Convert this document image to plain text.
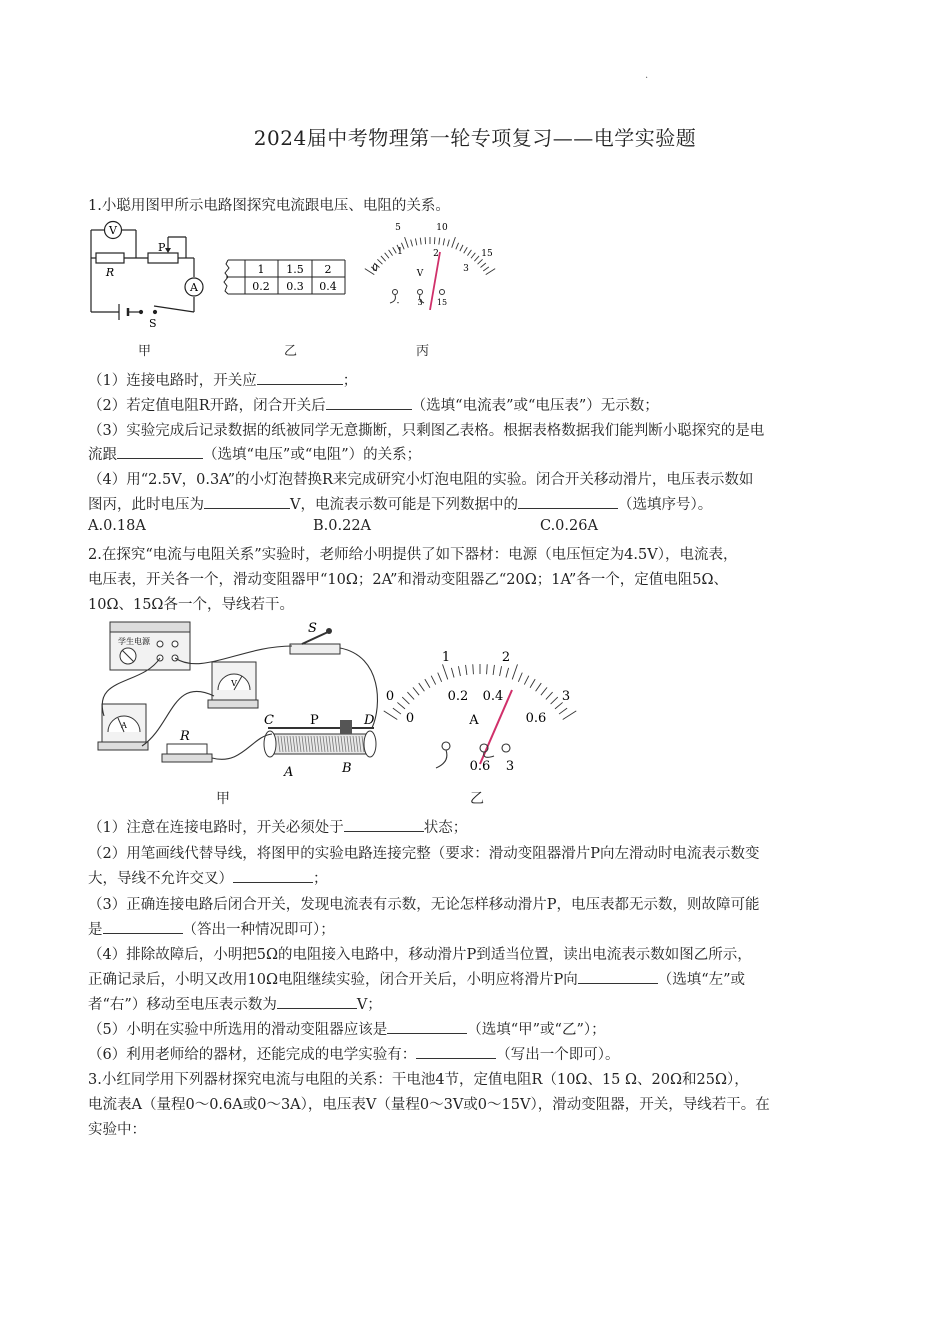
.
2024届中考物理第一轮专项复习——电学实验题
1.小聪用图甲所示电路图探究电流跟电压、电阻的关系。
V
A
R
P
S
1 1.5 2
0.2 0.3 0.4
0
1	2
3
5	10
15
V
- 3 15
甲	乙	丙
（1）连接电路时，开关应	；
（2）若定值电阻R开路，闭合开关后	（选填“电流表”或“电压表”）无示数；
（3）实验完成后记录数据的纸被同学无意撕断，只剩图乙表格。根据表格数据我们能判断小聪探究的是电
流跟	（选填“电压”或“电阻”）的关系；
（4）用“2.5V，0.3A”的小灯泡替换R来完成研究小灯泡电阻的实验。闭合开关移动滑片，电压表示数如
图丙，此时电压为	V，电流表示数可能是下列数据中的	（选填序号）。
A.0.18A	B.0.22A	C.0.26A
2.在探究“电流与电阻关系”实验时，老师给小明提供了如下器材：电源（电压恒定为4.5V），电流表，
电压表，开关各一个，滑动变阻器甲“10Ω；2A”和滑动变阻器乙“20Ω；1A”各一个，定值电阻5Ω、
10Ω、15Ω各一个，导线若干。
学生电源
S
V
A
R
C	P	D
A	B
甲
0
1	2
3
0
0.2 0.4
0.6
A
0.6 3
乙
（1）注意在连接电路时，开关必须处于	状态；
（2）用笔画线代替导线，将图甲的实验电路连接完整（要求：滑动变阻器滑片P向左滑动时电流表示数变
大，导线不允许交叉）	；
（3）正确连接电路后闭合开关，发现电流表有示数，无论怎样移动滑片P，电压表都无示数，则故障可能
是	（答出一种情况即可）；
（4）排除故障后，小明把5Ω的电阻接入电路中，移动滑片P到适当位置，读出电流表示数如图乙所示，
正确记录后，小明又改用10Ω电阻继续实验，闭合开关后，小明应将滑片P向	（选填“左”或
者“右”）移动至电压表示数为	V；
（5）小明在实验中所选用的滑动变阻器应该是	（选填“甲”或“乙”）；
（6）利用老师给的器材，还能完成的电学实验有：	（写出一个即可）。
3.小红同学用下列器材探究电流与电阻的关系：干电池4节，定值电阻R（10Ω、15 Ω、20Ω和25Ω），
电流表A（量程0～0.6A或0～3A），电压表V（量程0～3V或0～15V），滑动变阻器，开关，导线若干。在
实验中：
